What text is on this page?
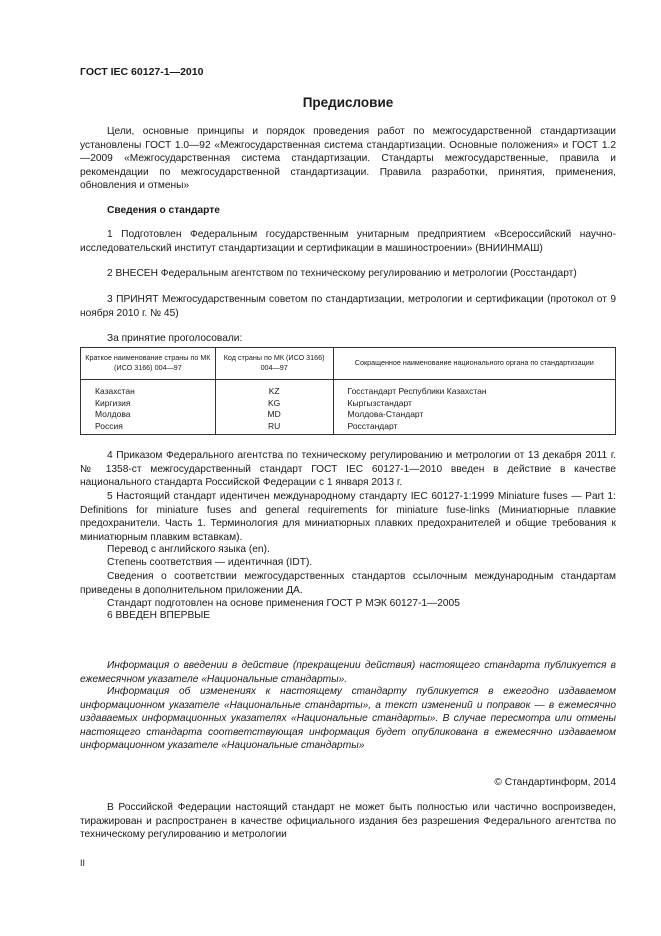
ГОСТ IEC 60127-1—2010
Предисловие

Цели, основные принципы и порядок проведения работ по межгосударственной стандартизации установлены ГОСТ 1.0—92 «Межгосударственная система стандартизации. Основные положения» и ГОСТ 1.2—2009 «Межгосударственная система стандартизации. Стандарты межгосударственные, правила и рекомендации по межгосударственной стандартизации. Правила разработки, принятия, применения, обновления и отмены»

Сведения о стандарте

1 Подготовлен Федеральным государственным унитарным предприятием «Всероссийский научно-исследовательский институт стандартизации и сертификации в машиностроении» (ВНИИНМАШ)

2 ВНЕСЕН Федеральным агентством по техническому регулированию и метрологии (Росстандарт)

3 ПРИНЯТ Межгосударственным советом по стандартизации, метрологии и сертификации (протокол от 9 ноября 2010 г. № 45)

За принятие проголосовали:
Краткое наименование страны по МК (ИСО 3166) 004—97	Код страны по МК (ИСО 3166) 004—97	Сокращенное наименование национального органа по стандартизации
Казахстан	KZ	Госстандарт Республики Казахстан
Киргизия	KG	Кыргызстандарт
Молдова	MD	Молдова-Стандарт
Россия	RU	Росстандарт

4 Приказом Федерального агентства по техническому регулированию и метрологии от 13 декабря 2011 г. № 1358-ст межгосударственный стандарт ГОСТ IEC 60127-1—2010 введен в действие в качестве национального стандарта Российской Федерации с 1 января 2013 г.

5 Настоящий стандарт идентичен международному стандарту IEC 60127-1:1999 Miniature fuses — Part 1: Definitions for miniature fuses and general requirements for miniature fuse-links (Миниатюрные плавкие предохранители. Часть 1. Терминология для миниатюрных плавких предохранителей и общие требования к миниатюрным плавким вставкам).

Перевод с английского языка (en).

Степень соответствия — идентичная (IDT).

Сведения о соответствии межгосударственных стандартов ссылочным международным стандартам приведены в дополнительном приложении ДА.

Стандарт подготовлен на основе применения ГОСТ Р МЭК 60127-1—2005

6 ВВЕДЕН ВПЕРВЫЕ

Информация о введении в действие (прекращении действия) настоящего стандарта публикуется в ежемесячном указателе «Национальные стандарты».

Информация об изменениях к настоящему стандарту публикуется в ежегодно издаваемом информационном указателе «Национальные стандарты», а текст изменений и поправок — в ежемесячно издаваемых информационных указателях «Национальные стандарты». В случае пересмотра или отмены настоящего стандарта соответствующая информация будет опубликована в ежемесячно издаваемом информационном указателе «Национальные стандарты»

© Стандартинформ, 2014

В Российской Федерации настоящий стандарт не может быть полностью или частично воспроизведен, тиражирован и распространен в качестве официального издания без разрешения Федерального агентства по техническому регулированию и метрологии

II
